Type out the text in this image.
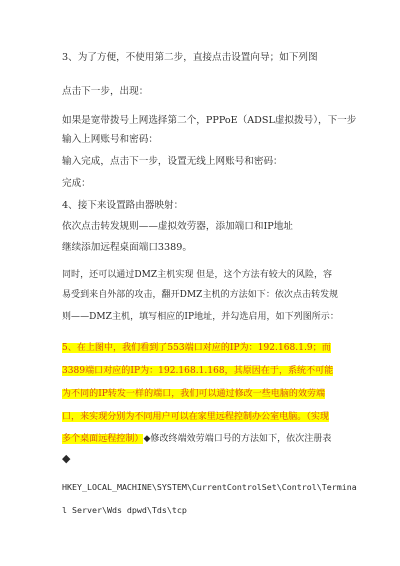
3、为了方便，不使用第二步，直接点击设置向导；如下列图
点击下一步，出现：
如果是宽带拨号上网选择第二个，PPPoE（ADSL虚拟拨号），下一步
输入上网账号和密码：
输入完成，点击下一步，设置无线上网账号和密码：
完成：
4、接下来设置路由器映射：
依次点击转发规则——虚拟效劳器，添加端口和IP地址
继续添加远程桌面端口3389。
同时，还可以通过DMZ主机实现 但是，这个方法有较大的风险，容
易受到来自外部的攻击，翻开DMZ主机的方法如下：依次点击转发规
则——DMZ主机，填写相应的IP地址，并勾选启用，如下列图所示：
5、在上图中，我们看到了553端口对应的IP为：192.168.1.9；而
3389端口对应的IP为：192.168.1.168，其原因在于，系统不可能
为不同的IP转发一样的端口，我们可以通过修改一些电脑的效劳端
口，来实现分别为不同用户可以在家里远程控制办公室电脑。（实现
多个桌面远程控制）◆修改终端效劳端口号的方法如下，依次注册表
◆
HKEY_LOCAL_MACHINE\SYSTEM\CurrentControlSet\Control\Termina
l Server\Wds dpwd\Tds\tcp
